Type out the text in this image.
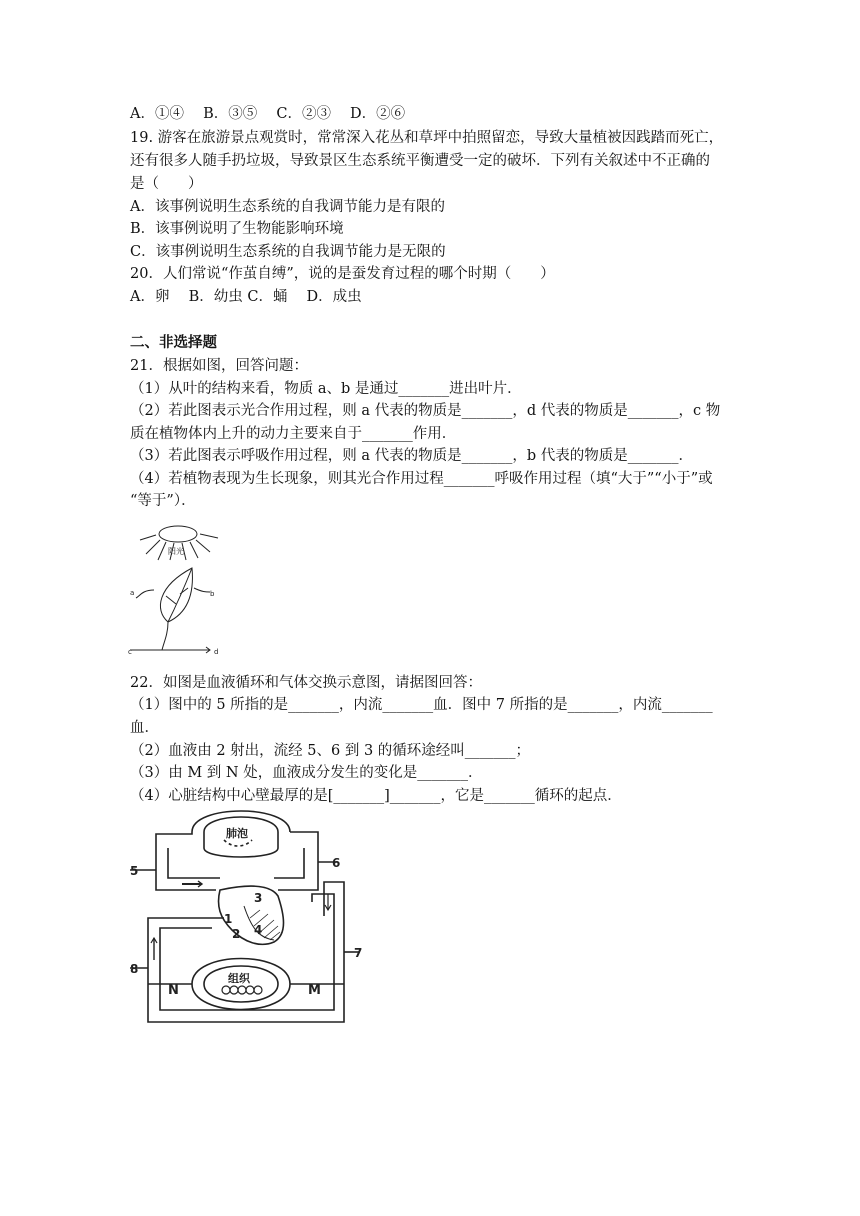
A．①④　 B．③⑤　 C．②③　 D．②⑥
19. 游客在旅游景点观赏时，常常深入花丛和草坪中拍照留恋，导致大量植被因践踏而死亡，
还有很多人随手扔垃圾，导致景区生态系统平衡遭受一定的破坏．下列有关叙述中不正确的
是（　　）
A．该事例说明生态系统的自我调节能力是有限的
B．该事例说明了生物能影响环境
C．该事例说明生态系统的自我调节能力是无限的
20．人们常说“作茧自缚”，说的是蚕发育过程的哪个时期（　　）
A．卵　 B．幼虫 C．蛹　 D．成虫
二、非选择题
21．根据如图，回答问题：
（1）从叶的结构来看，物质 a、b 是通过_______进出叶片．
（2）若此图表示光合作用过程，则 a 代表的物质是_______，d 代表的物质是_______，c 物
质在植物体内上升的动力主要来自于_______作用．
（3）若此图表示呼吸作用过程，则 a 代表的物质是_______，b 代表的物质是_______．
（4）若植物表现为生长现象，则其光合作用过程_______呼吸作用过程（填“大于”“小于”或
“等于”）．
阳光
a	b
c	d
22．如图是血液循环和气体交换示意图，请据图回答：
（1）图中的 5 所指的是_______，内流_______血．图中 7 所指的是_______，内流_______
血．
（2）血液由 2 射出，流经 5、6 到 3 的循环途经叫_______；
（3）由 M 到 N 处，血液成分发生的变化是_______．
（4）心脏结构中心壁最厚的是[_______]_______，它是_______循环的起点．
肺泡
组织
1
2
3
4
5
6
7
8
N	M
